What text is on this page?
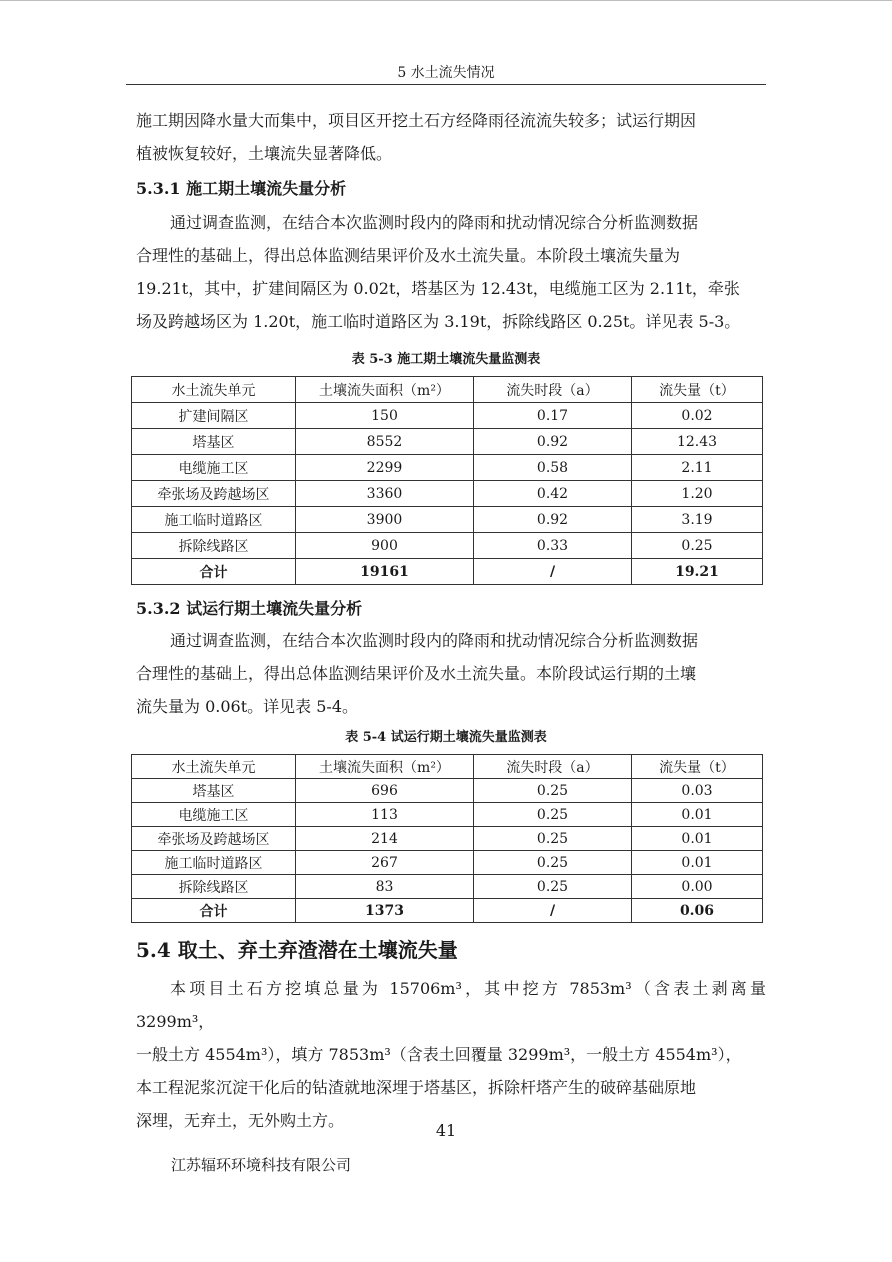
5 水土流失情况

施工期因降水量大而集中，项目区开挖土石方经降雨径流流失较多；试运行期因

植被恢复较好，土壤流失显著降低。

5.3.1 施工期土壤流失量分析

通过调查监测，在结合本次监测时段内的降雨和扰动情况综合分析监测数据

合理性的基础上，得出总体监测结果评价及水土流失量。本阶段土壤流失量为

19.21t，其中，扩建间隔区为 0.02t，塔基区为 12.43t，电缆施工区为 2.11t，牵张

场及跨越场区为 1.20t，施工临时道路区为 3.19t，拆除线路区 0.25t。详见表 5-3。

表 5-3 施工期土壤流失量监测表
水土流失单元	土壤流失面积（m²）	流失时段（a）	流失量（t）
扩建间隔区	150	0.17	0.02
塔基区	8552	0.92	12.43
电缆施工区	2299	0.58	2.11
牵张场及跨越场区	3360	0.42	1.20
施工临时道路区	3900	0.92	3.19
拆除线路区	900	0.33	0.25
合计	19161	/	19.21
5.3.2 试运行期土壤流失量分析

通过调查监测，在结合本次监测时段内的降雨和扰动情况综合分析监测数据

合理性的基础上，得出总体监测结果评价及水土流失量。本阶段试运行期的土壤

流失量为 0.06t。详见表 5-4。

表 5-4 试运行期土壤流失量监测表
水土流失单元	土壤流失面积（m²）	流失时段（a）	流失量（t）
塔基区	696	0.25	0.03
电缆施工区	113	0.25	0.01
牵张场及跨越场区	214	0.25	0.01
施工临时道路区	267	0.25	0.01
拆除线路区	83	0.25	0.00
合计	1373	/	0.06
5.4 取土、弃土弃渣潜在土壤流失量

本项目土石方挖填总量为 15706m³，其中挖方 7853m³（含表土剥离量 3299m³，

一般土方 4554m³），填方 7853m³（含表土回覆量 3299m³，一般土方 4554m³），

本工程泥浆沉淀干化后的钻渣就地深埋于塔基区，拆除杆塔产生的破碎基础原地

深埋，无弃土，无外购土方。

41
江苏辐环环境科技有限公司
